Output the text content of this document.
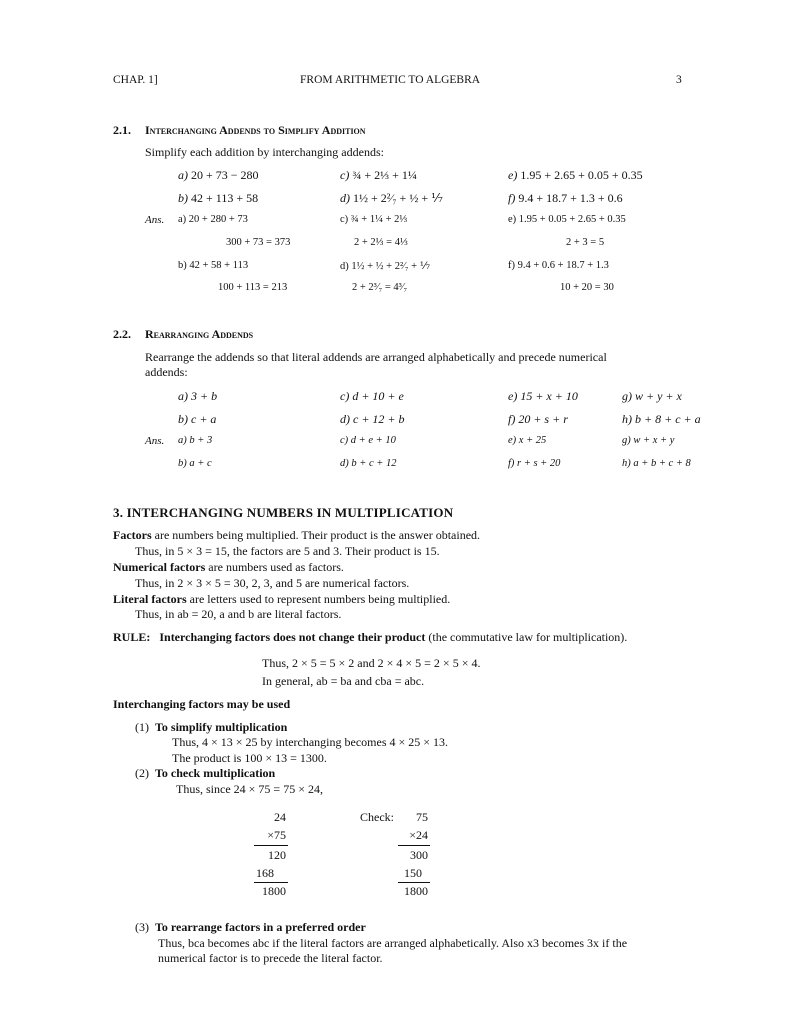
CHAP. 1]	FROM ARITHMETIC TO ALGEBRA	3
2.1. Interchanging Addends to Simplify Addition
Simplify each addition by interchanging addends:
a) 20 + 73 − 280	c) ¾ + 2⅓ + 1¼	e) 1.95 + 2.65 + 0.05 + 0.35
b) 42 + 113 + 58	d) 1½ + 2²⁄₇ + ½ + ⅐	f) 9.4 + 18.7 + 1.3 + 0.6
Ans. a) 20 + 280 + 73	c) ¾ + 1¼ + 2⅓	e) 1.95 + 0.05 + 2.65 + 0.35
300 + 73 = 373	2 + 2⅓ = 4⅓	2 + 3 = 5
b) 42 + 58 + 113	d) 1½ + ½ + 2²⁄₇ + ⅐	f) 9.4 + 0.6 + 18.7 + 1.3
100 + 113 = 213	2 + 2³⁄₇ = 4³⁄₇	10 + 20 = 30
2.2. Rearranging Addends
Rearrange the addends so that literal addends are arranged alphabetically and precede numerical
addends:
a) 3 + b	c) d + 10 + e	e) 15 + x + 10	g) w + y + x
b) c + a	d) c + 12 + b	f) 20 + s + r	h) b + 8 + c + a
Ans. a) b + 3	c) d + e + 10	e) x + 25	g) w + x + y
b) a + c	d) b + c + 12	f) r + s + 20	h) a + b + c + 8
3. INTERCHANGING NUMBERS IN MULTIPLICATION
Factors are numbers being multiplied. Their product is the answer obtained.
Thus, in 5 × 3 = 15, the factors are 5 and 3. Their product is 15.
Numerical factors are numbers used as factors.
Thus, in 2 × 3 × 5 = 30, 2, 3, and 5 are numerical factors.
Literal factors are letters used to represent numbers being multiplied.
Thus, in ab = 20, a and b are literal factors.
RULE: Interchanging factors does not change their product (the commutative law for multiplication).
Thus, 2 × 5 = 5 × 2 and 2 × 4 × 5 = 2 × 5 × 4.
In general, ab = ba and cba = abc.
Interchanging factors may be used
(1) To simplify multiplication
Thus, 4 × 13 × 25 by interchanging becomes 4 × 25 × 13.
The product is 100 × 13 = 1300.
(2) To check multiplication
Thus, since 24 × 75 = 75 × 24,
24
×75
120
168
1800
Check:	75
×24
300
150
1800
(3) To rearrange factors in a preferred order
Thus, bca becomes abc if the literal factors are arranged alphabetically. Also x3 becomes 3x if the
numerical factor is to precede the literal factor.
